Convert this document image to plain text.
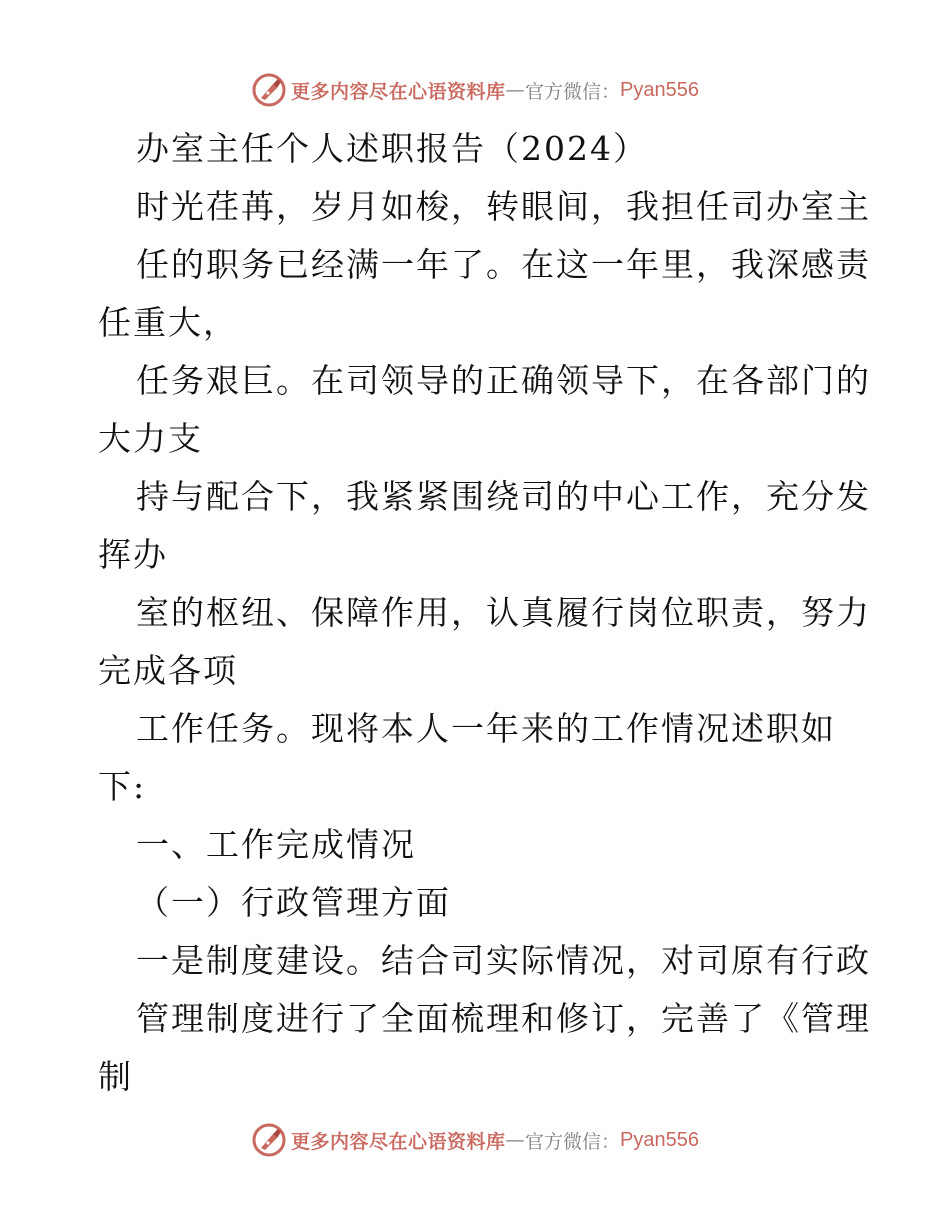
更多内容尽在心语资料库 — 官方微信： Pyan556
办室主任个人述职报告（2024）
时光荏苒，岁月如梭，转眼间，我担任司办室主
任的职务已经满一年了。在这一年里，我深感责
任重大，
任务艰巨。在司领导的正确领导下，在各部门的
大力支
持与配合下，我紧紧围绕司的中心工作，充分发
挥办
室的枢纽、保障作用，认真履行岗位职责，努力
完成各项
工作任务。现将本人一年来的工作情况述职如
下:
一、工作完成情况
（一）行政管理方面
一是制度建设。结合司实际情况，对司原有行政
管理制度进行了全面梳理和修订，完善了《管理
制
更多内容尽在心语资料库 — 官方微信： Pyan556
